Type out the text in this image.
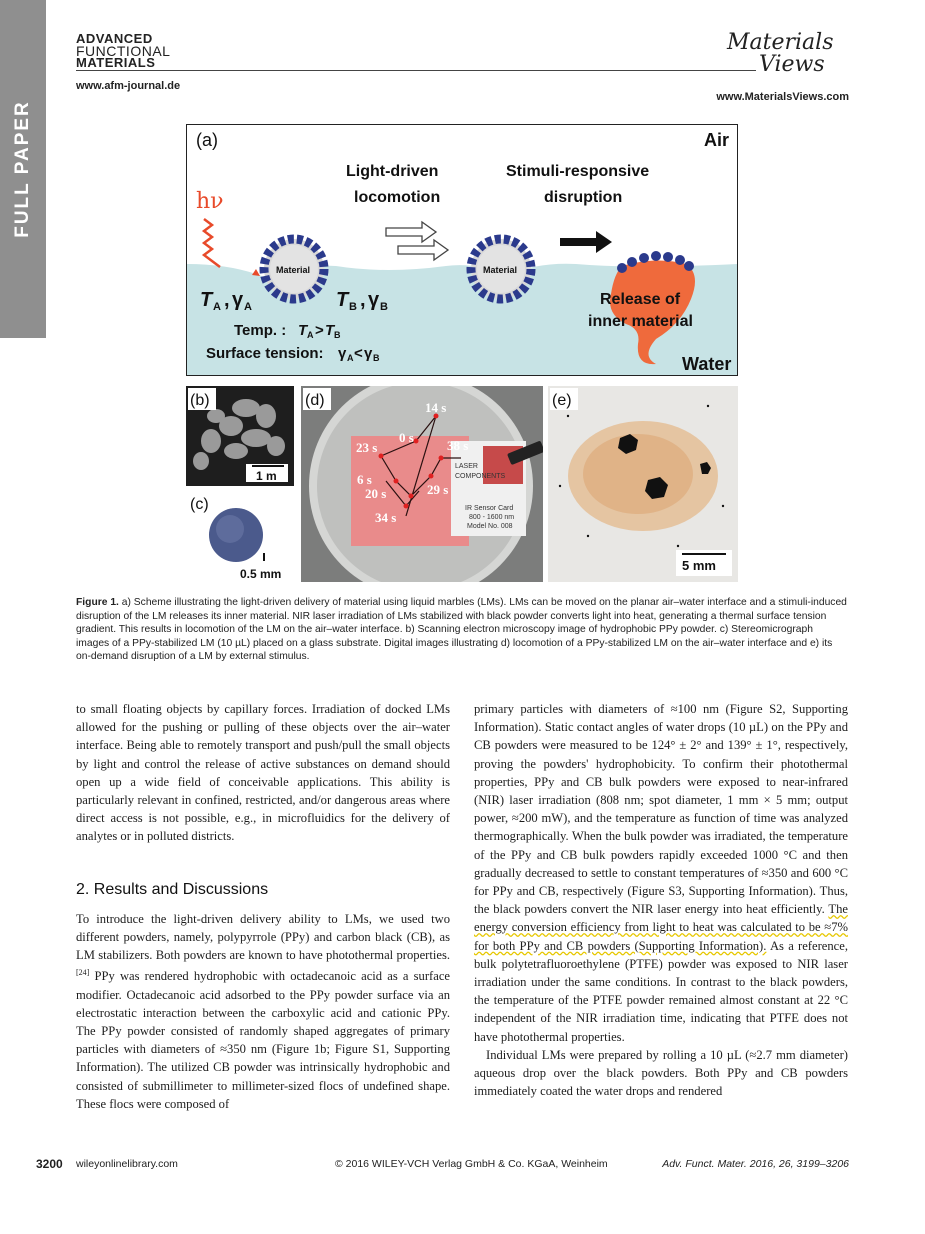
FULL PAPER
ADVANCED
FUNCTIONAL
MATERIALS
www.afm-journal.de
Materials
Views
www.MaterialsViews.com
(a)	Air
Water
hν
Light-driven
locomotion
Stimuli-responsive
disruption
Material	Material
Release of
inner material
T A , γ A	T B , γ B
Temp. : T A > T B
Surface tension: γ A < γ B
(b)
1 m
(c)
0.5 mm
LASER
COMPONENTS
IR Sensor Card
800 - 1600 nm
Model No. 008
14 s
0 s
23 s	38 s
6 s
20 s	29 s
34 s
(d)	(e)
5 mm
Figure 1. a) Scheme illustrating the light-driven delivery of material using liquid marbles (LMs). LMs can be moved on the planar air–water interface and a stimuli-induced disruption of the LM releases its inner material. NIR laser irradiation of LMs stabilized with black powder converts light into heat, generating a thermal surface tension gradient. This results in locomotion of the LM on the air–water interface. b) Scanning electron microscopy image of hydrophobic PPy powder. c) Stereomicrograph images of a PPy-stabilized LM (10 µL) placed on a glass substrate. Digital images illustrating d) locomotion of a PPy-stabilized LM on the air–water interface and e) its on-demand disruption of a LM by external stimulus.

to small floating objects by capillary forces. Irradiation of docked LMs allowed for the pushing or pulling of these objects over the air–water interface. Being able to remotely transport and push/pull the small objects by light and control the release of active substances on demand should open up a wide field of conceivable applications. This ability is particularly relevant in confined, restricted, and/or dangerous areas where direct access is not possible, e.g., in microfluidics for the delivery of analytes or in polluted districts.

2. Results and Discussions

To introduce the light-driven delivery ability to LMs, we used two different powders, namely, polypyrrole (PPy) and carbon black (CB), as LM stabilizers. Both powders are known to have photothermal properties.[24] PPy was rendered hydrophobic with octadecanoic acid as a surface modifier. Octadecanoic acid adsorbed to the PPy powder surface via an electrostatic interaction between the carboxylic acid and cationic PPy. The PPy powder consisted of randomly shaped aggregates of primary particles with diameters of ≈350 nm (Figure 1b; Figure S1, Supporting Information). The utilized CB powder was intrinsically hydrophobic and consisted of submillimeter to millimeter-sized flocs of undefined shape. These flocs were composed of

primary particles with diameters of ≈100 nm (Figure S2, Supporting Information). Static contact angles of water drops (10 µL) on the PPy and CB powders were measured to be 124° ± 2° and 139° ± 1°, respectively, proving the powders' hydrophobicity. To confirm their photothermal properties, PPy and CB bulk powders were exposed to near-infrared (NIR) laser irradiation (808 nm; spot diameter, 1 mm × 5 mm; output power, ≈200 mW), and the temperature as function of time was analyzed thermographically. When the bulk powder was irradiated, the temperature of the PPy and CB bulk powders rapidly exceeded 1000 °C and then gradually decreased to settle to constant temperatures of ≈350 and 600 °C for PPy and CB, respectively (Figure S3, Supporting Information). Thus, the black powders convert the NIR laser energy into heat efficiently. The energy conversion efficiency from light to heat was calculated to be ≈7% for both PPy and CB powders (Supporting Information). As a reference, bulk polytetrafluoroethylene (PTFE) powder was exposed to NIR laser irradiation under the same conditions. In contrast to the black powders, the temperature of the PTFE powder remained almost constant at 22 °C independent of the NIR irradiation time, indicating that PTFE does not have photothermal properties.

Individual LMs were prepared by rolling a 10 µL (≈2.7 mm diameter) aqueous drop over the black powders. Both PPy and CB powders immediately coated the water drops and rendered

3200 wileyonlinelibrary.com	© 2016 WILEY-VCH Verlag GmbH & Co. KGaA, Weinheim	Adv. Funct. Mater. 2016, 26, 3199–3206
